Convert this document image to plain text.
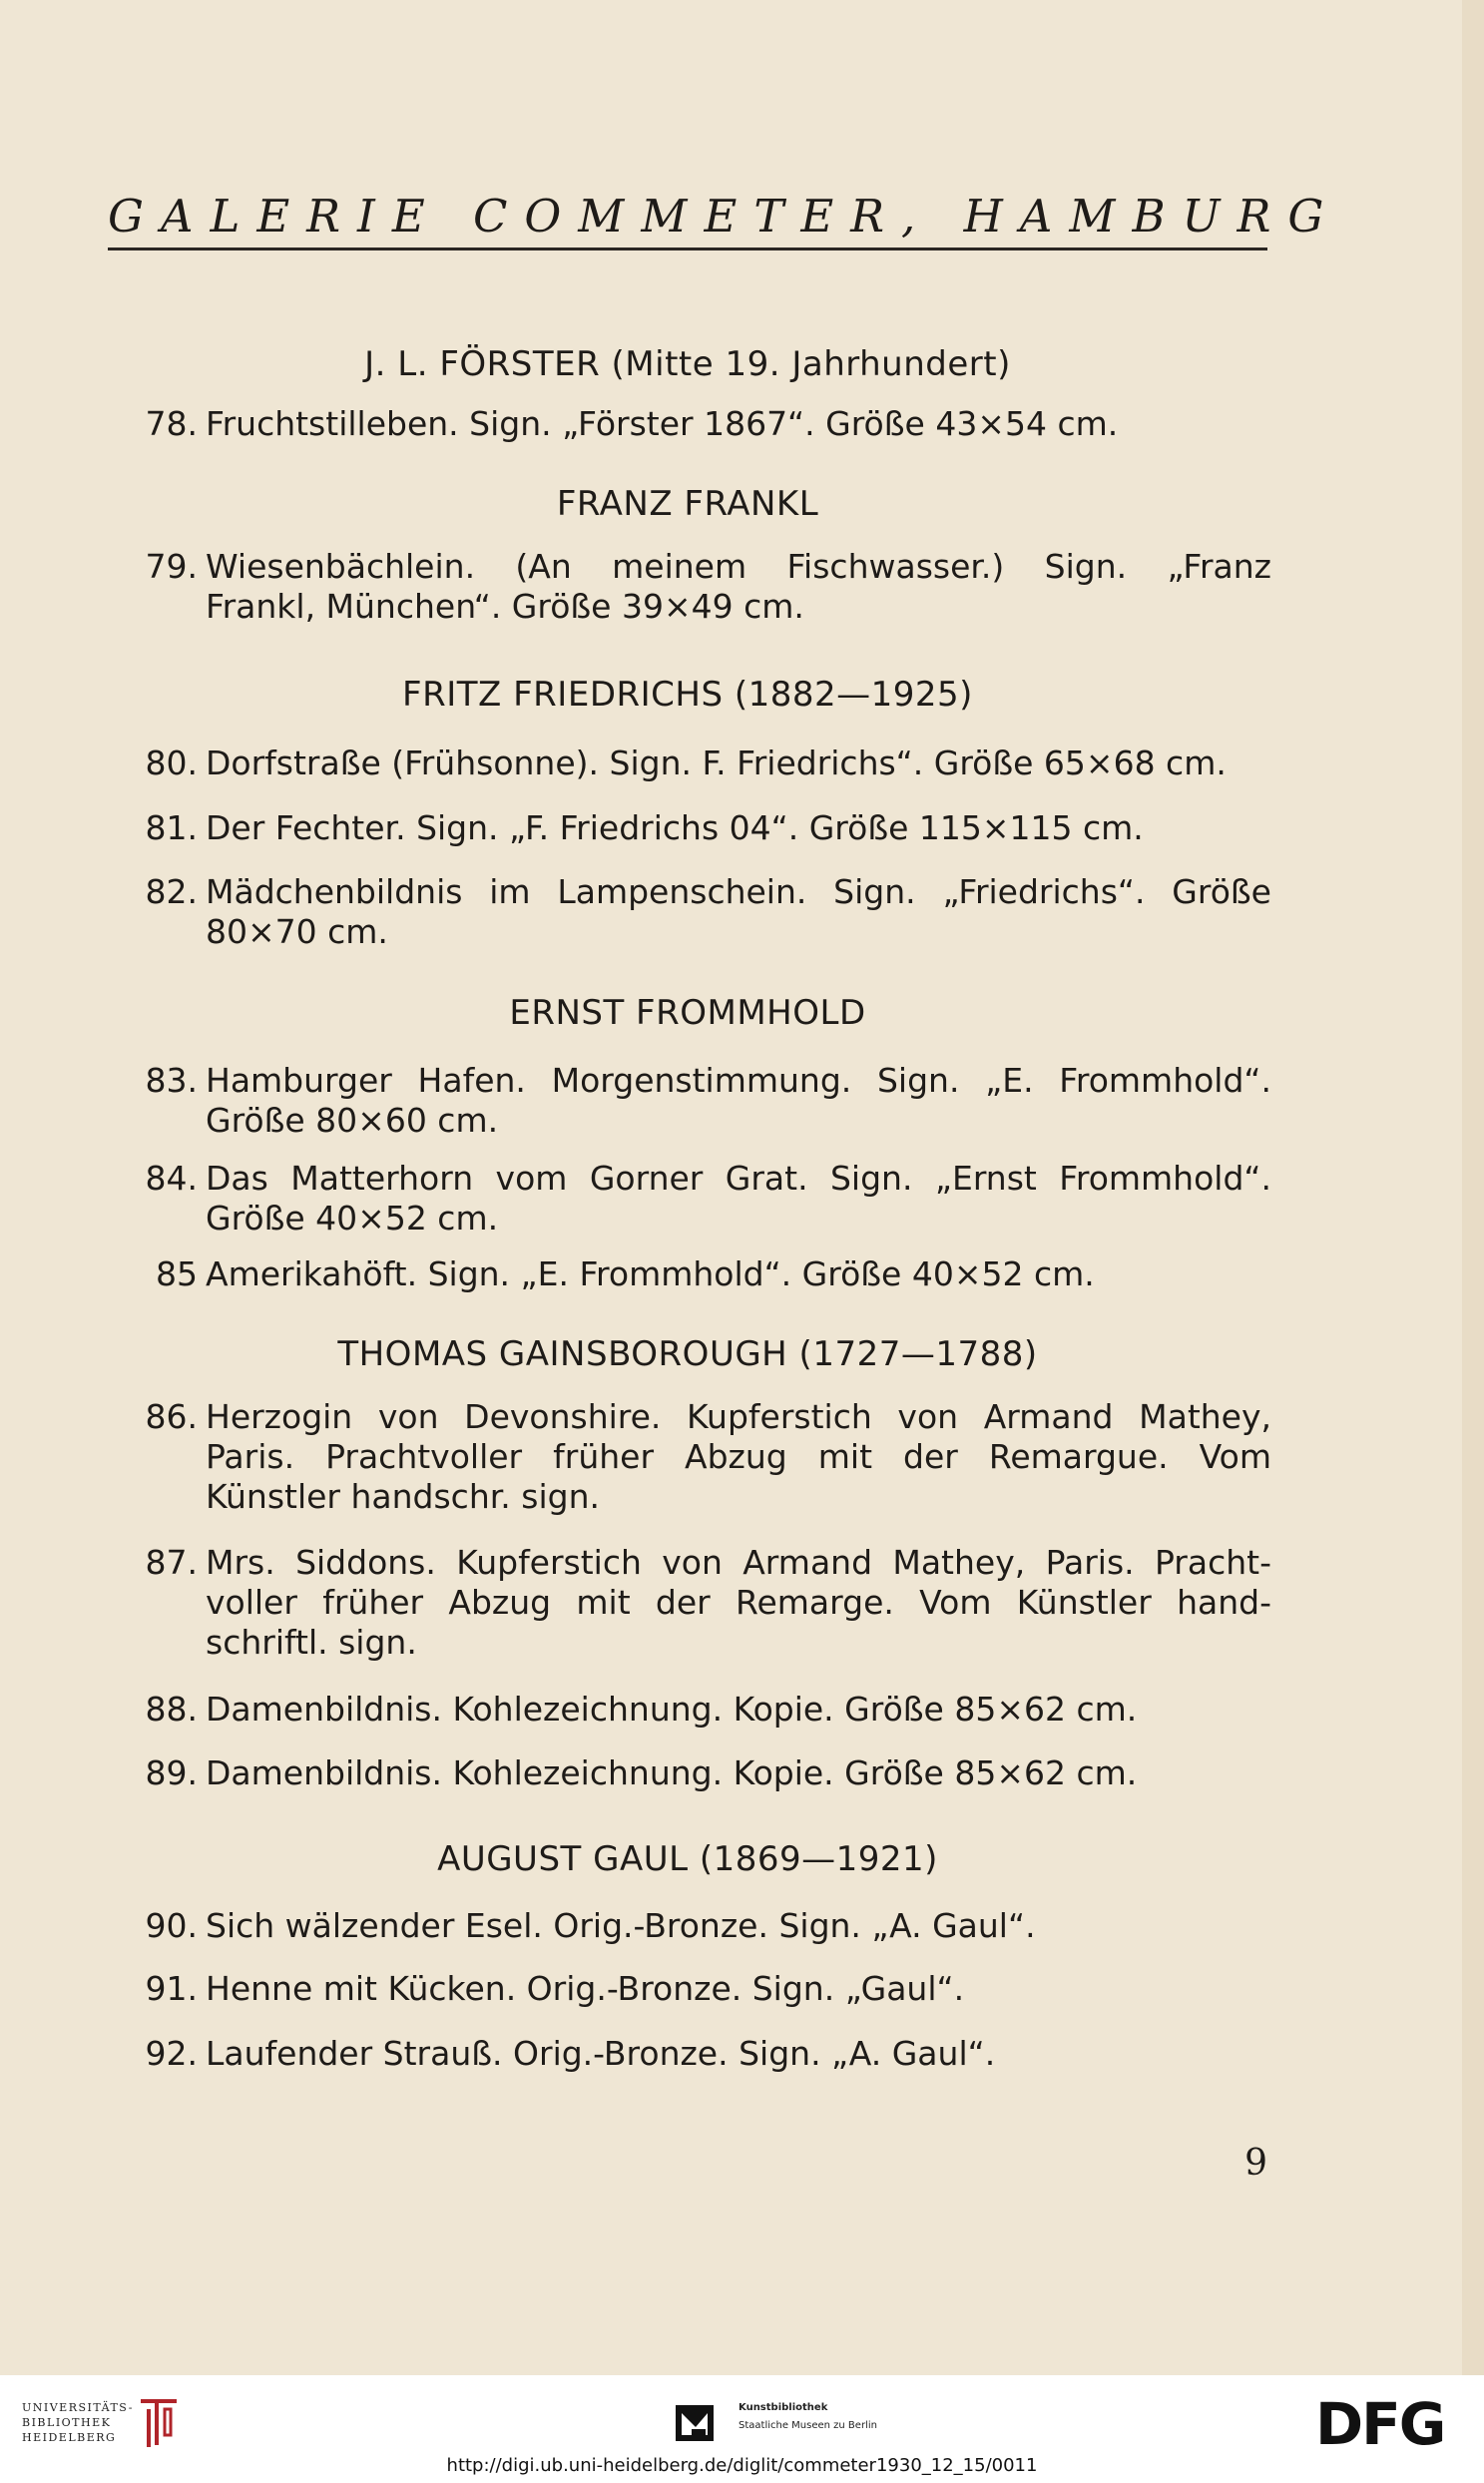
GALERIE COMMETER, HAMBURG
J. L. FÖRSTER (Mitte 19. Jahrhundert)
78. Fruchtstilleben. Sign. „Förster 1867“. Größe 43×54 cm.
FRANZ FRANKL
79. Wiesenbächlein. (An meinem Fischwasser.) Sign. „Franz
Frankl, München“. Größe 39×49 cm.
FRITZ FRIEDRICHS (1882—1925)
80. Dorfstraße (Frühsonne). Sign. F. Friedrichs“. Größe 65×68 cm.
81. Der Fechter. Sign. „F. Friedrichs 04“. Größe 115×115 cm.
82. Mädchenbildnis im Lampenschein. Sign. „Friedrichs“. Größe
80×70 cm.
ERNST FROMMHOLD
83. Hamburger Hafen. Morgenstimmung. Sign. „E. Frommhold“.
Größe 80×60 cm.
84. Das Matterhorn vom Gorner Grat. Sign. „Ernst Frommhold“.
Größe 40×52 cm.
85 Amerikahöft. Sign. „E. Frommhold“. Größe 40×52 cm.
THOMAS GAINSBOROUGH (1727—1788)
86. Herzogin von Devonshire. Kupferstich von Armand Mathey,
Paris. Prachtvoller früher Abzug mit der Remargue. Vom
Künstler handschr. sign.
87. Mrs. Siddons. Kupferstich von Armand Mathey, Paris. Pracht-
voller früher Abzug mit der Remarge. Vom Künstler hand-
schriftl. sign.
88. Damenbildnis. Kohlezeichnung. Kopie. Größe 85×62 cm.
89. Damenbildnis. Kohlezeichnung. Kopie. Größe 85×62 cm.
AUGUST GAUL (1869—1921)
90. Sich wälzender Esel. Orig.-Bronze. Sign. „A. Gaul“.
91. Henne mit Kücken. Orig.-Bronze. Sign. „Gaul“.
92. Laufender Strauß. Orig.-Bronze. Sign. „A. Gaul“.
9
UNIVERSITÄTS-
BIBLIOTHEK
HEIDELBERG
Kunstbibliothek
Staatliche Museen zu Berlin	DFG
http://digi.ub.uni-heidelberg.de/diglit/commeter1930_12_15/0011
